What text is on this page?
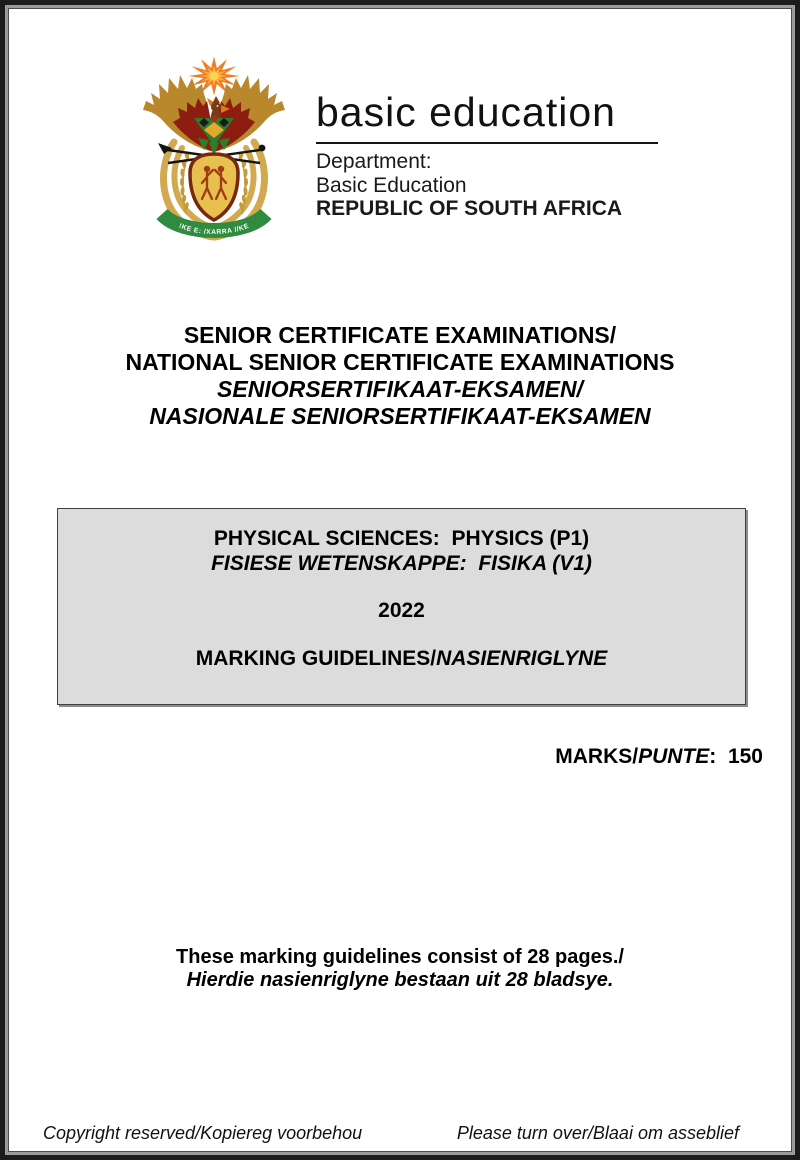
!KE E: /XARRA //KE
basic education
Department:
Basic Education
REPUBLIC OF SOUTH AFRICA
SENIOR CERTIFICATE EXAMINATIONS/
NATIONAL SENIOR CERTIFICATE EXAMINATIONS
SENIORSERTIFIKAAT-EKSAMEN/
NASIONALE SENIORSERTIFIKAAT-EKSAMEN
PHYSICAL SCIENCES:  PHYSICS (P1)
FISIESE WETENSKAPPE:  FISIKA (V1)
2022
MARKING GUIDELINES/NASIENRIGLYNE
MARKS/PUNTE:  150
These marking guidelines consist of 28 pages./
Hierdie nasienriglyne bestaan uit 28 bladsye.
Copyright reserved/Kopiereg voorbehou	Please turn over/Blaai om asseblief
